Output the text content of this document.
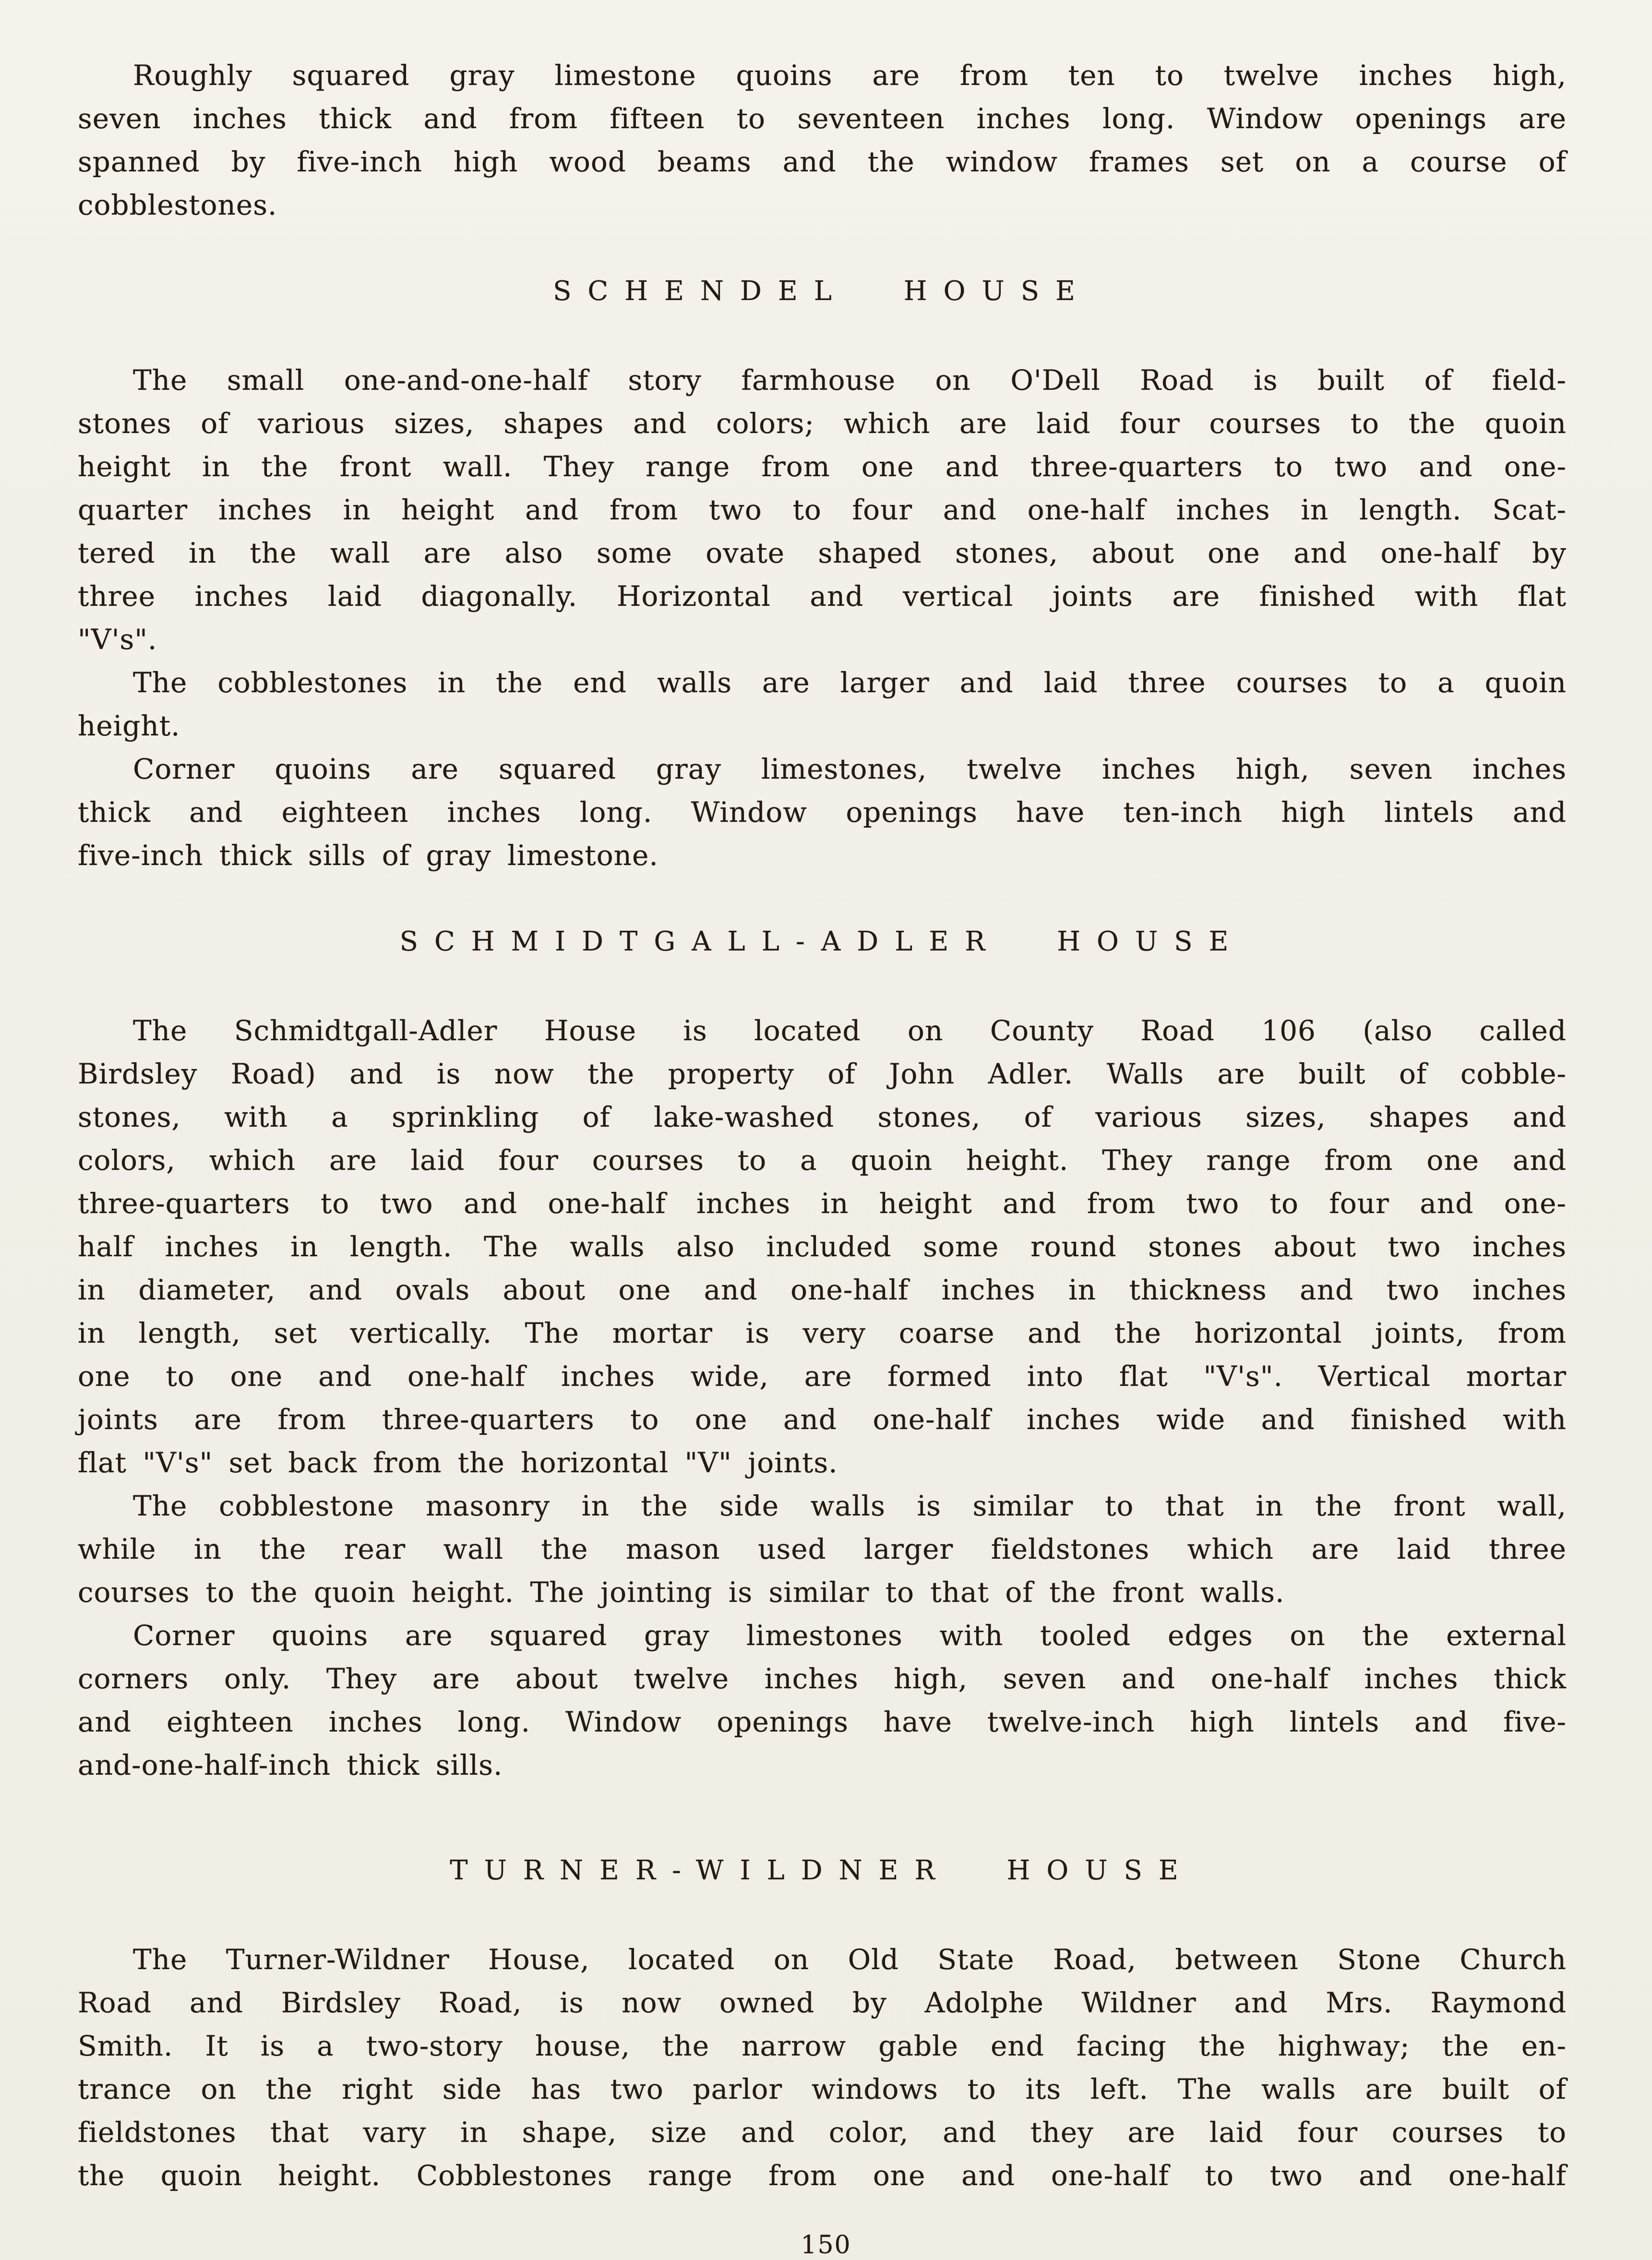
Roughly squared gray limestone quoins are from ten to twelve inches high,
seven inches thick and from fifteen to seventeen inches long. Window openings are
spanned by five-inch high wood beams and the window frames set on a course of
cobblestones.
SCHENDEL HOUSE
The small one-and-one-half story farmhouse on O'Dell Road is built of field-
stones of various sizes, shapes and colors; which are laid four courses to the quoin
height in the front wall. They range from one and three-quarters to two and one-
quarter inches in height and from two to four and one-half inches in length. Scat-
tered in the wall are also some ovate shaped stones, about one and one-half by
three inches laid diagonally. Horizontal and vertical joints are finished with flat
"V's".
The cobblestones in the end walls are larger and laid three courses to a quoin
height.
Corner quoins are squared gray limestones, twelve inches high, seven inches
thick and eighteen inches long. Window openings have ten-inch high lintels and
five-inch thick sills of gray limestone.
SCHMIDTGALL-ADLER HOUSE
The Schmidtgall-Adler House is located on County Road 106 (also called
Birdsley Road) and is now the property of John Adler. Walls are built of cobble-
stones, with a sprinkling of lake-washed stones, of various sizes, shapes and
colors, which are laid four courses to a quoin height. They range from one and
three-quarters to two and one-half inches in height and from two to four and one-
half inches in length. The walls also included some round stones about two inches
in diameter, and ovals about one and one-half inches in thickness and two inches
in length, set vertically. The mortar is very coarse and the horizontal joints, from
one to one and one-half inches wide, are formed into flat "V's". Vertical mortar
joints are from three-quarters to one and one-half inches wide and finished with
flat "V's" set back from the horizontal "V" joints.
The cobblestone masonry in the side walls is similar to that in the front wall,
while in the rear wall the mason used larger fieldstones which are laid three
courses to the quoin height. The jointing is similar to that of the front walls.
Corner quoins are squared gray limestones with tooled edges on the external
corners only. They are about twelve inches high, seven and one-half inches thick
and eighteen inches long. Window openings have twelve-inch high lintels and five-
and-one-half-inch thick sills.
TURNER-WILDNER HOUSE
The Turner-Wildner House, located on Old State Road, between Stone Church
Road and Birdsley Road, is now owned by Adolphe Wildner and Mrs. Raymond
Smith. It is a two-story house, the narrow gable end facing the highway; the en-
trance on the right side has two parlor windows to its left. The walls are built of
fieldstones that vary in shape, size and color, and they are laid four courses to
the quoin height. Cobblestones range from one and one-half to two and one-half
150
